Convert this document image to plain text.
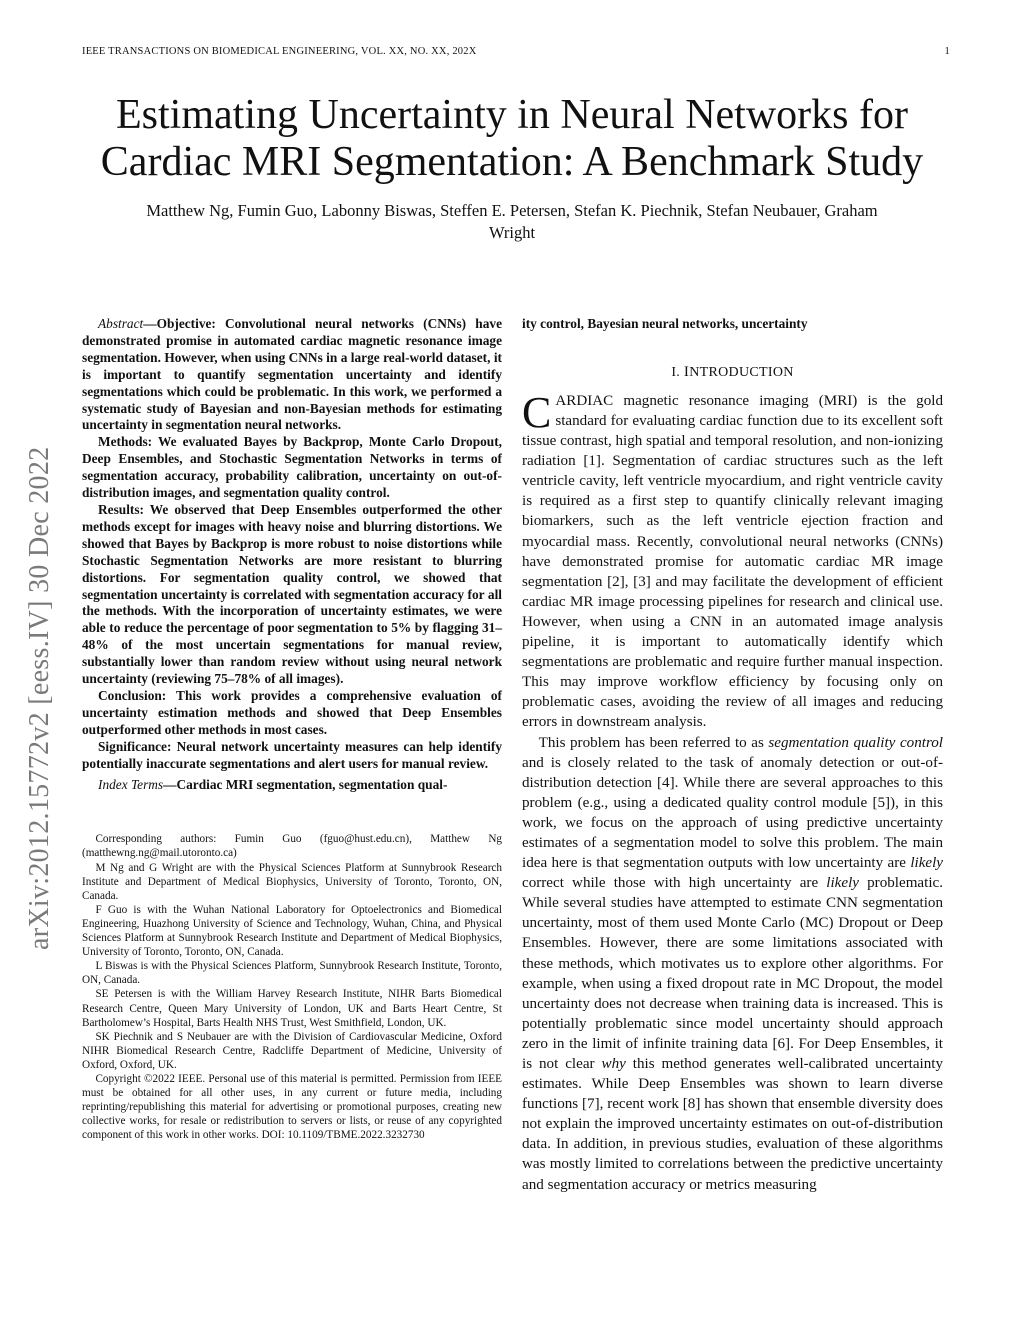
IEEE TRANSACTIONS ON BIOMEDICAL ENGINEERING, VOL. XX, NO. XX, 202X	1
Estimating Uncertainty in Neural Networks for
Cardiac MRI Segmentation: A Benchmark Study
Matthew Ng, Fumin Guo, Labonny Biswas, Steffen E. Petersen, Stefan K. Piechnik, Stefan Neubauer, Graham
Wright
arXiv:2012.15772v2 [eess.IV] 30 Dec 2022

Abstract—Objective: Convolutional neural networks (CNNs) have demonstrated promise in automated cardiac magnetic resonance image segmentation. However, when using CNNs in a large real-world dataset, it is important to quantify segmentation uncertainty and identify segmentations which could be problematic. In this work, we performed a systematic study of Bayesian and non-Bayesian methods for estimating uncertainty in segmentation neural networks.

Methods: We evaluated Bayes by Backprop, Monte Carlo Dropout, Deep Ensembles, and Stochastic Segmentation Networks in terms of segmentation accuracy, probability calibration, uncertainty on out-of-distribution images, and segmentation quality control.

Results: We observed that Deep Ensembles outperformed the other methods except for images with heavy noise and blurring distortions. We showed that Bayes by Backprop is more robust to noise distortions while Stochastic Segmentation Networks are more resistant to blurring distortions. For segmentation quality control, we showed that segmentation uncertainty is correlated with segmentation accuracy for all the methods. With the incorporation of uncertainty estimates, we were able to reduce the percentage of poor segmentation to 5% by flagging 31–48% of the most uncertain segmentations for manual review, substantially lower than random review without using neural network uncertainty (reviewing 75–78% of all images).

Conclusion: This work provides a comprehensive evaluation of uncertainty estimation methods and showed that Deep Ensembles outperformed other methods in most cases.

Significance: Neural network uncertainty measures can help identify potentially inaccurate segmentations and alert users for manual review.

Index Terms—Cardiac MRI segmentation, segmentation qual-

Corresponding authors: Fumin Guo (fguo@hust.edu.cn), Matthew Ng (matthewng.ng@mail.utoronto.ca)

M Ng and G Wright are with the Physical Sciences Platform at Sunnybrook Research Institute and Department of Medical Biophysics, University of Toronto, Toronto, ON, Canada.

F Guo is with the Wuhan National Laboratory for Optoelectronics and Biomedical Engineering, Huazhong University of Science and Technology, Wuhan, China, and Physical Sciences Platform at Sunnybrook Research Institute and Department of Medical Biophysics, University of Toronto, Toronto, ON, Canada.

L Biswas is with the Physical Sciences Platform, Sunnybrook Research Institute, Toronto, ON, Canada.

SE Petersen is with the William Harvey Research Institute, NIHR Barts Biomedical Research Centre, Queen Mary University of London, UK and Barts Heart Centre, St Bartholomew’s Hospital, Barts Health NHS Trust, West Smithfield, London, UK.

SK Piechnik and S Neubauer are with the Division of Cardiovascular Medicine, Oxford NIHR Biomedical Research Centre, Radcliffe Department of Medicine, University of Oxford, Oxford, UK.

Copyright ©2022 IEEE. Personal use of this material is permitted. Permission from IEEE must be obtained for all other uses, in any current or future media, including reprinting/republishing this material for advertising or promotional purposes, creating new collective works, for resale or redistribution to servers or lists, or reuse of any copyrighted component of this work in other works. DOI: 10.1109/TBME.2022.3232730

ity control, Bayesian neural networks, uncertainty

I. INTRODUCTION

CARDIAC magnetic resonance imaging (MRI) is the gold standard for evaluating cardiac function due to its excellent soft tissue contrast, high spatial and temporal resolution, and non-ionizing radiation [1]. Segmentation of cardiac structures such as the left ventricle cavity, left ventricle myocardium, and right ventricle cavity is required as a first step to quantify clinically relevant imaging biomarkers, such as the left ventricle ejection fraction and myocardial mass. Recently, convolutional neural networks (CNNs) have demonstrated promise for automatic cardiac MR image segmentation [2], [3] and may facilitate the development of efficient cardiac MR image processing pipelines for research and clinical use. However, when using a CNN in an automated image analysis pipeline, it is important to automatically identify which segmentations are problematic and require further manual inspection. This may improve workflow efficiency by focusing only on problematic cases, avoiding the review of all images and reducing errors in downstream analysis.

This problem has been referred to as segmentation quality control and is closely related to the task of anomaly detection or out-of-distribution detection [4]. While there are several approaches to this problem (e.g., using a dedicated quality control module [5]), in this work, we focus on the approach of using predictive uncertainty estimates of a segmentation model to solve this problem. The main idea here is that segmentation outputs with low uncertainty are likely correct while those with high uncertainty are likely problematic. While several studies have attempted to estimate CNN segmentation uncertainty, most of them used Monte Carlo (MC) Dropout or Deep Ensembles. However, there are some limitations associated with these methods, which motivates us to explore other algorithms. For example, when using a fixed dropout rate in MC Dropout, the model uncertainty does not decrease when training data is increased. This is potentially problematic since model uncertainty should approach zero in the limit of infinite training data [6]. For Deep Ensembles, it is not clear why this method generates well-calibrated uncertainty estimates. While Deep Ensembles was shown to learn diverse functions [7], recent work [8] has shown that ensemble diversity does not explain the improved uncertainty estimates on out-of-distribution data. In addition, in previous studies, evaluation of these algorithms was mostly limited to correlations between the predictive uncertainty and segmentation accuracy or metrics measuring
